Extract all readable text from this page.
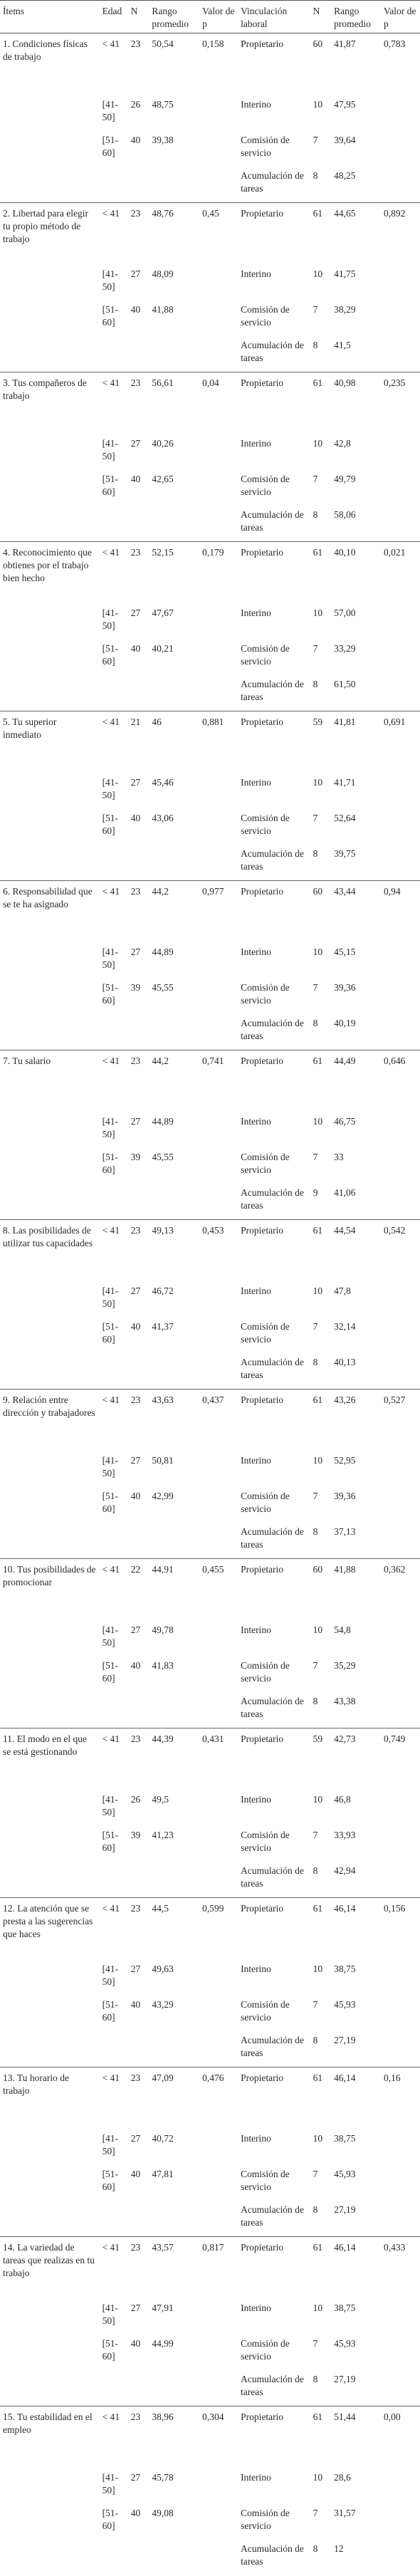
Ítems	Edad	N	Rango promedio	Valor de p	Vinculación laboral	N	Rango promedio	Valor de p
1. Condiciones físicas de trabajo	< 41	23	50,54	0,158	Propietario	60	41,87	0,783
	[41-50]	26	48,75		Interino	10	47,95	
	[51-60]	40	39,38		Comisión de servicio	7	39,64	
					Acumulación de tareas	8	48,25	
2. Libertad para elegir tu propio método de trabajo	< 41	23	48,76	0,45	Propietario	61	44,65	0,892
	[41-50]	27	48,09		Interino	10	41,75	
	[51-60]	40	41,88		Comisión de servicio	7	38,29	
					Acumulación de tareas	8	41,5	
3. Tus compañeros de trabajo	< 41	23	56,61	0,04	Propietario	61	40,98	0,235
	[41-50]	27	40,26		Interino	10	42,8	
	[51-60]	40	42,65		Comisión de servicio	7	49,79	
					Acumulación de tareas	8	58,06	
4. Reconocimiento que obtienes por el trabajo bien hecho	< 41	23	52,15	0,179	Propietario	61	40,10	0,021
	[41-50]	27	47,67		Interino	10	57,00	
	[51-60]	40	40,21		Comisión de servicio	7	33,29	
					Acumulación de tareas	8	61,50	
5. Tu superior inmediato	< 41	21	46	0,881	Propietario	59	41,81	0,691
	[41-50]	27	45,46		Interino	10	41,71	
	[51-60]	40	43,06		Comisión de servicio	7	52,64	
					Acumulación de tareas	8	39,75	
6. Responsabilidad que se te ha asignado	< 41	23	44,2	0,977	Propietario	60	43,44	0,94
	[41-50]	27	44,89		Interino	10	45,15	
	[51-60]	39	45,55		Comisión de servicio	7	39,36	
					Acumulación de tareas	8	40,19	
7. Tu salario	< 41	23	44,2	0,741	Propietario	61	44,49	0,646
	[41-50]	27	44,89		Interino	10	46,75	
	[51-60]	39	45,55		Comisión de servicio	7	33	
					Acumulación de tareas	9	41,06	
8. Las posibilidades de utilizar tus capacidades	< 41	23	49,13	0,453	Propietario	61	44,54	0,542
	[41-50]	27	46,72		Interino	10	47,8	
	[51-60]	40	41,37		Comisión de servicio	7	32,14	
					Acumulación de tareas	8	40,13	
9. Relación entre dirección y trabajadores	< 41	23	43,63	0,437	Propietario	61	43,26	0,527
	[41-50]	27	50,81		Interino	10	52,95	
	[51-60]	40	42,99		Comisión de servicio	7	39,36	
					Acumulación de tareas	8	37,13	
10. Tus posibilidades de promocionar	< 41	22	44,91	0,455	Propietario	60	41,88	0,362
	[41-50]	27	49,78		Interino	10	54,8	
	[51-60]	40	41,83		Comisión de servicio	7	35,29	
					Acumulación de tareas	8	43,38	
11. El modo en el que se está gestionando	< 41	23	44,39	0,431	Propietario	59	42,73	0,749
	[41-50]	26	49,5		Interino	10	46,8	
	[51-60]	39	41,23		Comisión de servicio	7	33,93	
					Acumulación de tareas	8	42,94	
12. La atención que se presta a las sugerencias que haces	< 41	23	44,5	0,599	Propietario	61	46,14	0,156
	[41-50]	27	49,63		Interino	10	38,75	
	[51-60]	40	43,29		Comisión de servicio	7	45,93	
					Acumulación de tareas	8	27,19	
13. Tu horario de trabajo	< 41	23	47,09	0,476	Propietario	61	46,14	0,16
	[41-50]	27	40,72		Interino	10	38,75	
	[51-60]	40	47,81		Comisión de servicio	7	45,93	
					Acumulación de tareas	8	27,19	
14. La variedad de tareas que realizas en tu trabajo	< 41	23	43,57	0,817	Propietario	61	46,14	0,433
	[41-50]	27	47,91		Interino	10	38,75	
	[51-60]	40	44,99		Comisión de servicio	7	45,93	
					Acumulación de tareas	8	27,19	
15. Tu estabilidad en el empleo	< 41	23	38,96	0,304	Propietario	61	51,44	0,00
	[41-50]	27	45,78		Interino	10	28,6	
	[51-60]	40	49,08		Comisión de servicio	7	31,57	
					Acumulación de tareas	8	12	
